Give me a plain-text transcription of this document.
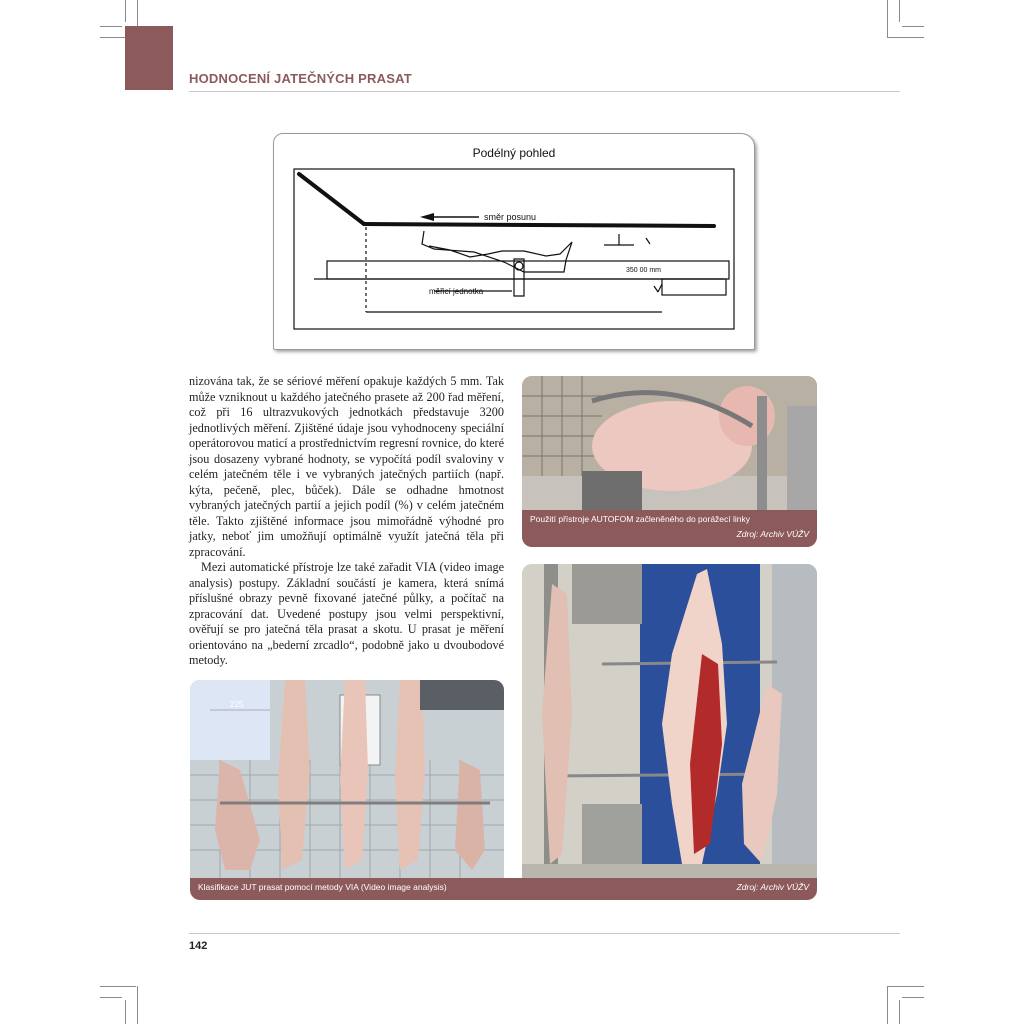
HODNOCENÍ JATEČNÝCH PRASAT

Podélný pohled

směr posunu
350 00 mm
měřicí jednotka

nizována tak, že se sériové měření opakuje každých 5 mm. Tak může vzniknout u každého jatečného prasete až 200 řad měření, což při 16 ultrazvukových jednotkách představuje 3200 jednotlivých měření. Zjištěné údaje jsou vyhodnoceny speciální operátorovou maticí a prostřednictvím regresní rovnice, do které jsou dosazeny vybrané hodnoty, se vypočítá podíl svaloviny v celém jatečném těle i ve vybraných jatečných partiích (např. kýta, pečeně, plec, bůček). Dále se odhadne hmotnost vybraných jatečných partií a jejich podíl (%) v celém jatečném těle. Takto zjištěné informace jsou mimořádně výhodné pro jatky, neboť jim umožňují optimálně využít jatečná těla při zpracování.

Mezi automatické přístroje lze také zařadit VIA (video image analysis) postupy. Základní součástí je kamera, která snímá příslušné obrazy pevně fixované jatečné půlky, a počítač na zpracování dat. Uvedené postupy jsou velmi perspektivní, ověřují se pro jatečná těla prasat a skotu. U prasat je měření orientováno na „bederní zrcadlo“, podobně jako u dvoubodové metody.

Použití přístroje AUTOFOM začleněného do porážecí linky
Zdroj: Archiv VÚŽV
225
Klasifikace JUT prasat pomocí metody VIA (Video image analysis)	Zdroj: Archiv VÚŽV

142
